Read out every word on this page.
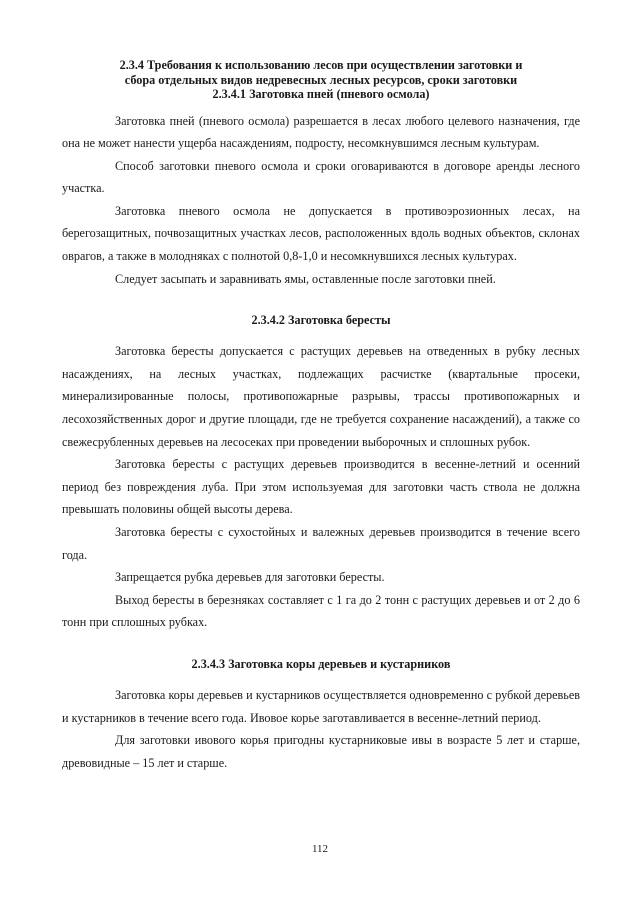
2.3.4 Требования к использованию лесов при осуществлении заготовки и
сбора отдельных видов недревесных лесных ресурсов, сроки заготовки
2.3.4.1 Заготовка пней (пневого осмола)

Заготовка пней (пневого осмола) разрешается в лесах любого целевого назначения, где она не может нанести ущерба насаждениям, подросту, несомкнувшимся лесным культурам.

Способ заготовки пневого осмола и сроки оговариваются в договоре аренды лесного участка.

Заготовка пневого осмола не допускается в противоэрозионных лесах, на берегозащитных, почвозащитных участках лесов, расположенных вдоль водных объектов, склонах оврагов, а также в молодняках с полнотой 0,8-1,0 и несомкнувшихся лесных культурах.

Следует засыпать и заравнивать ямы, оставленные после заготовки пней.

2.3.4.2 Заготовка бересты

Заготовка бересты допускается с растущих деревьев на отведенных в рубку лесных насаждениях, на лесных участках, подлежащих расчистке (квартальные просеки, минерализированные полосы, противопожарные разрывы, трассы противопожарных и лесохозяйственных дорог и другие площади, где не требуется сохранение насаждений), а также со свежесрубленных деревьев на лесосеках при проведении выборочных и сплошных рубок.

Заготовка бересты с растущих деревьев производится в весенне-летний и осенний период без повреждения луба. При этом используемая для заготовки часть ствола не должна превышать половины общей высоты дерева.

Заготовка бересты с сухостойных и валежных деревьев производится в течение всего года.

Запрещается рубка деревьев для заготовки бересты.

Выход бересты в березняках составляет с 1 га до 2 тонн с растущих деревьев и от 2 до 6 тонн при сплошных рубках.

2.3.4.3 Заготовка коры деревьев и кустарников

Заготовка коры деревьев и кустарников осуществляется одновременно с рубкой деревьев и кустарников в течение всего года. Ивовое корье заготавливается в весенне-летний период.

Для заготовки ивового корья пригодны кустарниковые ивы в возрасте 5 лет и старше, древовидные – 15 лет и старше.

112
